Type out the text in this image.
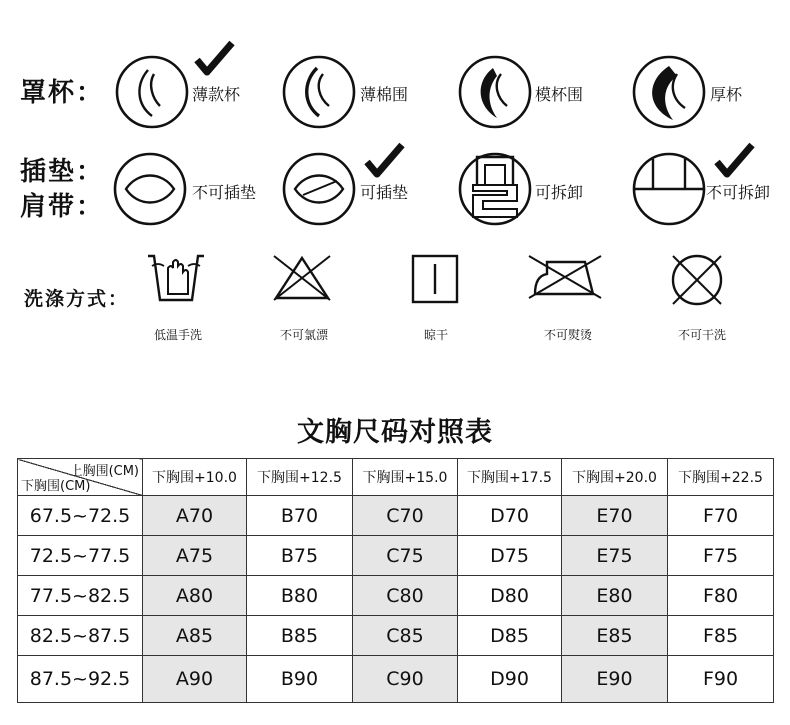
罩杯：
插垫：
肩带：
洗涤方式：
薄款杯	薄棉围	模杯围	厚杯
不可插垫	可插垫	可拆卸	不可拆卸
低温手洗	不可氯漂	晾干	不可熨烫	不可干洗
文胸尺码对照表
上胸围(CM)
下胸围(CM)	下胸围+10.0	下胸围+12.5	下胸围+15.0	下胸围+17.5	下胸围+20.0	下胸围+22.5
67.5~72.5	A70	B70	C70	D70	E70	F70
72.5~77.5	A75	B75	C75	D75	E75	F75
77.5~82.5	A80	B80	C80	D80	E80	F80
82.5~87.5	A85	B85	C85	D85	E85	F85
87.5~92.5	A90	B90	C90	D90	E90	F90
